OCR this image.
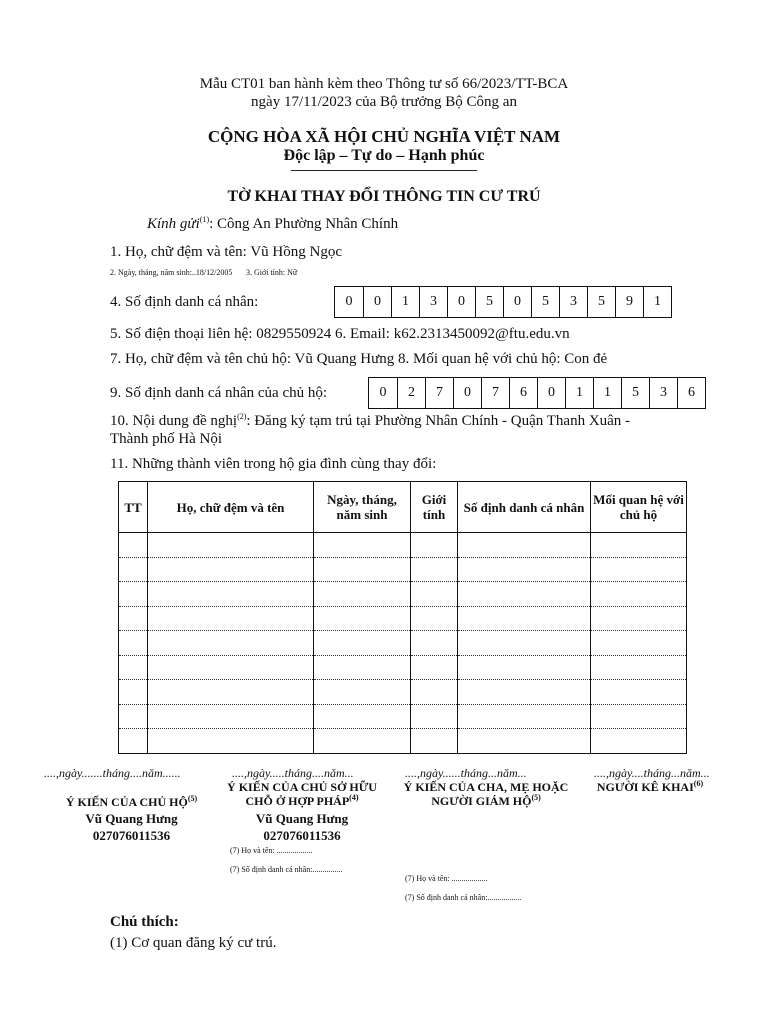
Mẫu CT01 ban hành kèm theo Thông tư số 66/2023/TT-BCA
ngày 17/11/2023 của Bộ trưởng Bộ Công an
CỘNG HÒA XÃ HỘI CHỦ NGHĨA VIỆT NAM
Độc lập – Tự do – Hạnh phúc
TỜ KHAI THAY ĐỔI THÔNG TIN CƯ TRÚ
Kính gửi$^{(1)}$: Công An Phường Nhân Chính
1. Họ, chữ đệm và tên: Vũ Hồng Ngọc
2. Ngày, tháng, năm sinh:..18/12/2005 3. Giới tính: Nữ
4. Số định danh cá nhân:	0	0	1	3	0	5	0	5	3	5	9	1
5. Số điện thoại liên hệ: 0829550924 6. Email: k62.2313450092@ftu.edu.vn
7. Họ, chữ đệm và tên chủ hộ: Vũ Quang Hưng 8. Mối quan hệ với chủ hộ: Con đẻ
9. Số định danh cá nhân của chủ hộ:	0	2	7	0	7	6	0	1	1	5	3	6
10. Nội dung đề nghị$^{(2)}$: Đăng ký tạm trú tại Phường Nhân Chính - Quận Thanh Xuân -
Thành phố Hà Nội
11. Những thành viên trong hộ gia đình cùng thay đổi:
TT	Họ, chữ đệm và tên	Ngày, tháng, năm sinh	Giới tính	Số định danh cá nhân	Mối quan hệ với chủ hộ

....,ngày.......tháng....năm......	....,ngày.....tháng....năm...	....,ngày......tháng...năm...	....,ngày....tháng...năm...
Ý KIẾN CỦA CHỦ HỘ$^{(5)}$
Vũ Quang Hưng
027076011536
Ý KIẾN CỦA CHỦ SỞ HỮU CHỖ Ở HỢP PHÁP$^{(4)}$
Vũ Quang Hưng
027076011536
(7) Họ và tên: ..................
(7) Số định danh cá nhân:...............
Ý KIẾN CỦA CHA, MẸ HOẶC NGƯỜI GIÁM HỘ$^{(5)}$
(7) Họ và tên: ..................
(7) Số định danh cá nhân:.................
NGƯỜI KÊ KHAI$^{(6)}$
Chú thích:
(1) Cơ quan đăng ký cư trú.
